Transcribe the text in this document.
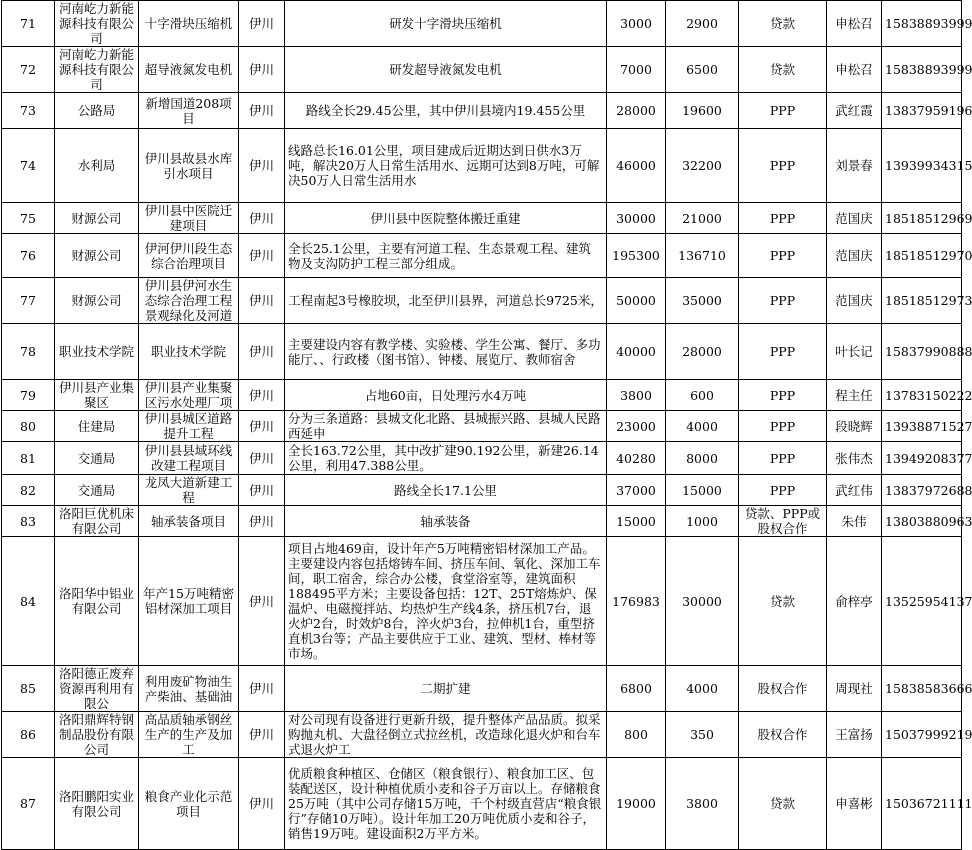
71	河南屹力新能源科技有限公司	十字滑块压缩机	伊川	研发十字滑块压缩机	3000	2900	贷款	申松召	15838893999
72	河南屹力新能源科技有限公司	超导液氮发电机	伊川	研发超导液氮发电机	7000	6500	贷款	申松召	15838893999
73	公路局	新增国道208项目	伊川	路线全长29.45公里，其中伊川县境内19.455公里	28000	19600	PPP	武红霞	13837959196
74	水利局	伊川县故县水库引水项目	伊川	线路总长16.01公里，项目建成后近期达到日供水3万吨，解决20万人日常生活用水、远期可达到8万吨，可解决50万人日常生活用水	46000	32200	PPP	刘景春	13939934315
75	财源公司	伊川县中医院迁建项目	伊川	伊川县中医院整体搬迁重建	30000	21000	PPP	范国庆	18518512969
76	财源公司	伊河伊川段生态综合治理项目	伊川	全长25.1公里，主要有河道工程、生态景观工程、建筑物及支沟防护工程三部分组成。	195300	136710	PPP	范国庆	18518512970
77	财源公司	伊川县伊河水生态综合治理工程景观绿化及河道	伊川	工程南起3号橡胶坝，北至伊川县界，河道总长9725米，	50000	35000	PPP	范国庆	18518512973
78	职业技术学院	职业技术学院	伊川	主要建设内容有教学楼、实验楼、学生公寓、餐厅、多功能厅、、行政楼（图书馆）、钟楼、展览厅、教师宿舍	40000	28000	PPP	叶长记	15837990888
79	伊川县产业集聚区	伊川县产业集聚区污水处理厂项	伊川	占地60亩，日处理污水4万吨	3800	600	PPP	程主任	13783150222
80	住建局	伊川县城区道路提升工程	伊川	分为三条道路：县城文化北路、县城振兴路、县城人民路西延申	23000	4000	PPP	段晓辉	13938871527
81	交通局	伊川县县域环线改建工程项目	伊川	全长163.72公里，其中改扩建90.192公里，新建26.14公里，利用47.388公里。	40280	8000	PPP	张伟杰	13949208377
82	交通局	龙凤大道新建工程	伊川	路线全长17.1公里	37000	15000	PPP	武红伟	13837972688
83	洛阳巨优机床有限公司	轴承装备项目	伊川	轴承装备	15000	1000	贷款、PPP或股权合作	朱伟	13803880963
84	洛阳华中铝业有限公司	年产15万吨精密铝材深加工项目	伊川	项目占地469亩，设计年产5万吨精密铝材深加工产品。主要建设内容包括熔铸车间、挤压车间、氧化、深加工车间，职工宿舍，综合办公楼，食堂浴室等，建筑面积188495平方米；主要设备包括：12T、25T熔炼炉、保温炉、电磁搅拌站、均热炉生产线4条，挤压机7台，退火炉2台，时效炉8台，淬火炉3台，拉伸机1台，重型挤直机3台等；产品主要供应于工业、建筑、型材、棒材等市场。	176983	30000	贷款	俞梓亭	13525954137
85	洛阳德正废弃资源再利用有限公	利用废矿物油生产柴油、基础油	伊川	二期扩建	6800	4000	股权合作	周现社	15838583666
86	洛阳鼎辉特钢制品股份有限公司	高品质轴承钢丝生产的生产及加工	伊川	对公司现有设备进行更新升级，提升整体产品品质。拟采购抛丸机、大盘径倒立式拉丝机，改造球化退火炉和台车式退火炉工	800	350	股权合作	王富扬	15037999219
87	洛阳鹏阳实业有限公司	粮食产业化示范项目	伊川	优质粮食种植区、仓储区（粮食银行）、粮食加工区、包装配送区，设计种植优质小麦和谷子万亩以上。存储粮食25万吨（其中公司存储15万吨，千个村级直营店“粮食银行”存储10万吨）。设计年加工20万吨优质小麦和谷子，销售19万吨。建设面积2万平方米。	19000	3800	贷款	申喜彬	15036721111
